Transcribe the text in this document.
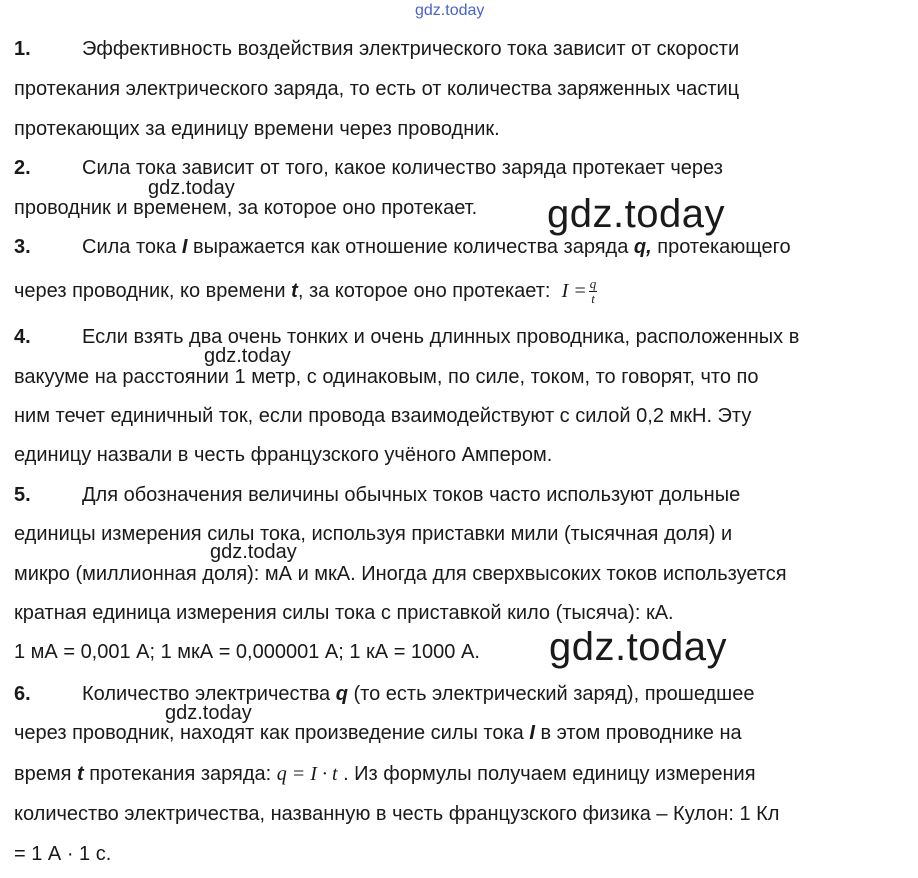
gdz.today
gdz.today
gdz.today
gdz.today
gdz.today
gdz.today
gdz.today
1.	Эффективность воздействия электрического тока зависит от скорости
протекания электрического заряда, то есть от количества заряженных частиц
протекающих за единицу времени через проводник.
2.	Сила тока зависит от того, какое количество заряда протекает через
проводник и временем, за которое оно протекает.
3.	Сила тока I выражается как отношение количества заряда q, протекающего
через проводник, ко времени t, за которое оно протекает: $I = \frac{q}{t}$
4.	Если взять два очень тонких и очень длинных проводника, расположенных в
вакууме на расстоянии 1 метр, с одинаковым, по силе, током, то говорят, что по
ним течет единичный ток, если провода взаимодействуют с силой 0,2 мкН. Эту
единицу назвали в честь французского учёного Ампером.
5.	Для обозначения величины обычных токов часто используют дольные
единицы измерения силы тока, используя приставки мили (тысячная доля) и
микро (миллионная доля): мА и мкА. Иногда для сверхвысоких токов используется
кратная единица измерения силы тока с приставкой кило (тысяча): кА.
1 мА = 0,001 А; 1 мкА = 0,000001 А; 1 кА = 1000 А.
6.	Количество электричества q (то есть электрический заряд), прошедшее
через проводник, находят как произведение силы тока I в этом проводнике на
время t протекания заряда: q = I · t . Из формулы получаем единицу измерения
количество электричества, названную в честь французского физика – Кулон: 1 Кл
= 1 А · 1 с.
